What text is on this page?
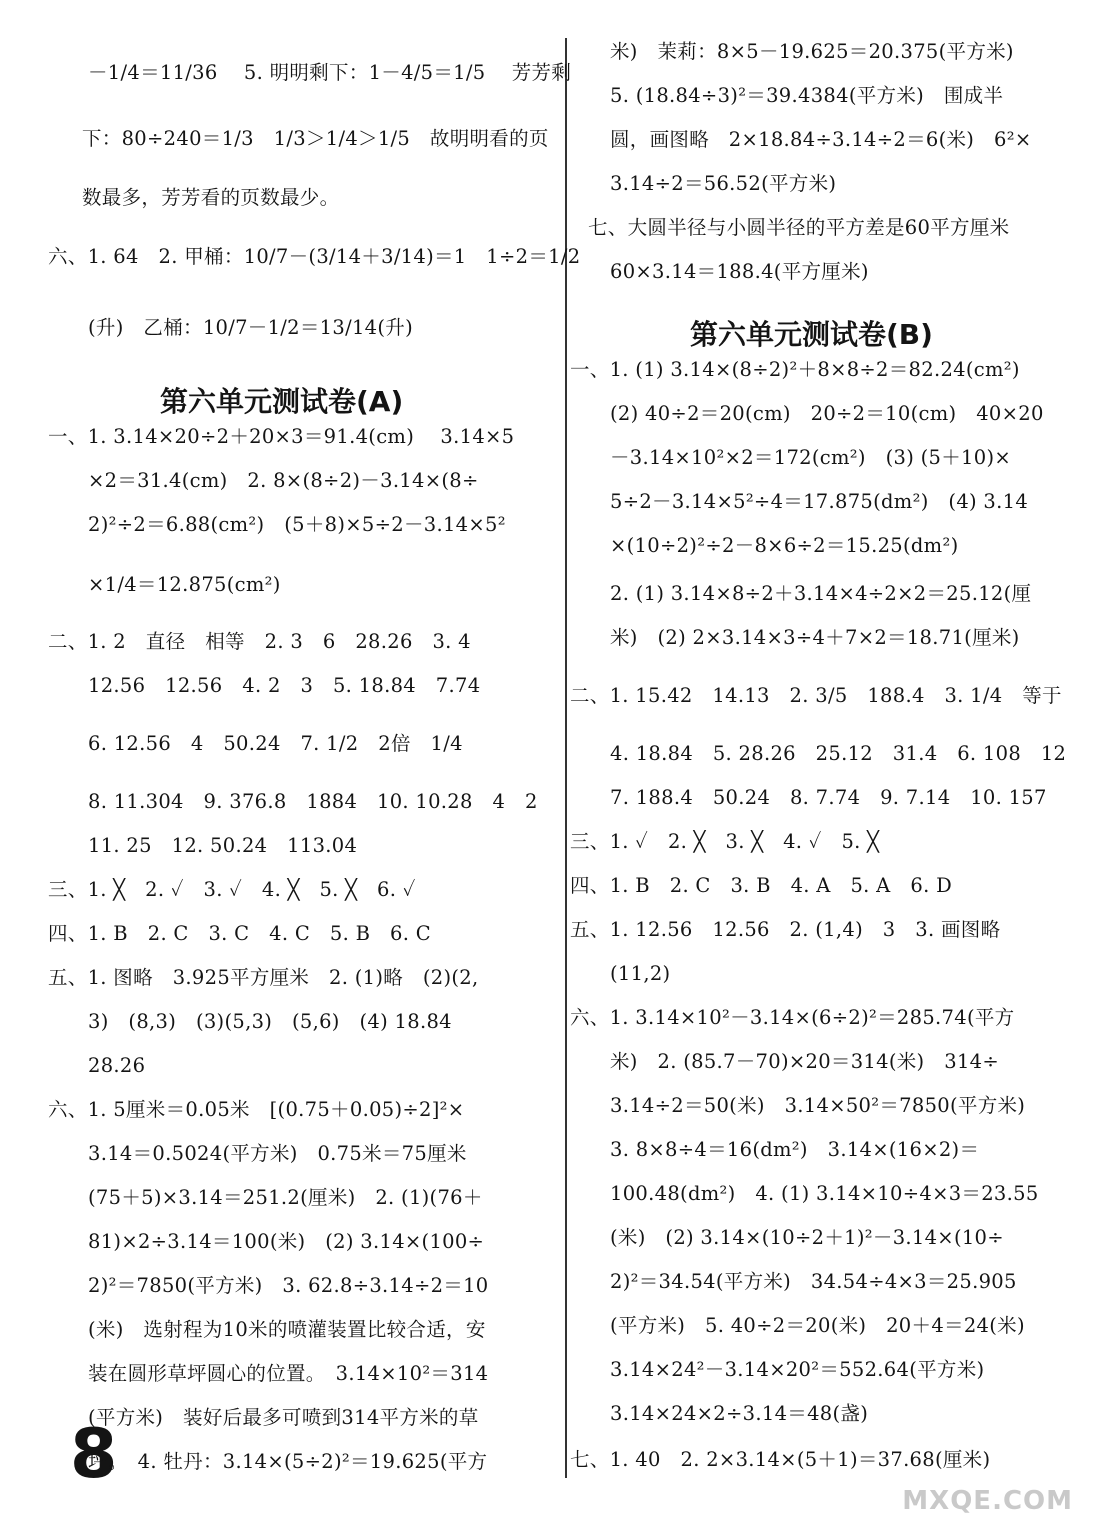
第六单元测试卷(A)
第六单元测试卷(B)
8
MXQE.COM
－1/4＝11/36　 5. 明明剩下：1－4/5＝1/5　 芳芳剩
下：80÷240＝1/3　1/3＞1/4＞1/5　故明明看的页
数最多，芳芳看的页数最少。
六、1. 64　2. 甲桶：10/7－(3/14＋3/14)＝1　1÷2＝1/2
(升)　乙桶：10/7－1/2＝13/14(升)
一、1. 3.14×20÷2＋20×3＝91.4(cm)　 3.14×5
×2＝31.4(cm)　2. 8×(8÷2)－3.14×(8÷
2)²÷2＝6.88(cm²)　(5＋8)×5÷2－3.14×5²
×1/4＝12.875(cm²)
二、1. 2　直径　相等　2. 3　6　28.26　3. 4
12.56　12.56　4. 2　3　5. 18.84　7.74
6. 12.56　4　50.24　7. 1/2　2倍　1/4
8. 11.304　9. 376.8　1884　10. 10.28　4　2
11. 25　12. 50.24　113.04
三、1. ╳　2. ✓　3. ✓　4. ╳　5. ╳　6. ✓
四、1. B　2. C　3. C　4. C　5. B　6. C
五、1. 图略　3.925平方厘米　2. (1)略　(2)(2,
3)　(8,3)　(3)(5,3)　(5,6)　(4) 18.84
28.26
六、1. 5厘米＝0.05米　[(0.75＋0.05)÷2]²×
3.14＝0.5024(平方米)　0.75米＝75厘米
(75＋5)×3.14＝251.2(厘米)　2. (1)(76＋
81)×2÷3.14＝100(米)　(2) 3.14×(100÷
2)²＝7850(平方米)　3. 62.8÷3.14÷2＝10
(米)　选射程为10米的喷灌装置比较合适，安
装在圆形草坪圆心的位置。　3.14×10²＝314
(平方米)　装好后最多可喷到314平方米的草
坪。　4. 牡丹：3.14×(5÷2)²＝19.625(平方
米)　茉莉：8×5－19.625＝20.375(平方米)
5. (18.84÷3)²＝39.4384(平方米)　围成半
圆，画图略　2×18.84÷3.14÷2＝6(米)　6²×
3.14÷2＝56.52(平方米)
七、大圆半径与小圆半径的平方差是60平方厘米
60×3.14＝188.4(平方厘米)
一、1. (1) 3.14×(8÷2)²＋8×8÷2＝82.24(cm²)
(2) 40÷2＝20(cm)　20÷2＝10(cm)　40×20
－3.14×10²×2＝172(cm²)　(3) (5＋10)×
5÷2－3.14×5²÷4＝17.875(dm²)　(4) 3.14
×(10÷2)²÷2－8×6÷2＝15.25(dm²)
2. (1) 3.14×8÷2＋3.14×4÷2×2＝25.12(厘
米)　(2) 2×3.14×3÷4＋7×2＝18.71(厘米)
二、1. 15.42　14.13　2. 3/5　188.4　3. 1/4　等于
4. 18.84　5. 28.26　25.12　31.4　6. 108　12
7. 188.4　50.24　8. 7.74　9. 7.14　10. 157
三、1. ✓　2. ╳　3. ╳　4. ✓　5. ╳
四、1. B　2. C　3. B　4. A　5. A　6. D
五、1. 12.56　12.56　2. (1,4)　3　3. 画图略
(11,2)
六、1. 3.14×10²－3.14×(6÷2)²＝285.74(平方
米)　2. (85.7－70)×20＝314(米)　314÷
3.14÷2＝50(米)　3.14×50²＝7850(平方米)
3. 8×8÷4＝16(dm²)　3.14×(16×2)＝
100.48(dm²)　4. (1) 3.14×10÷4×3＝23.55
(米)　(2) 3.14×(10÷2＋1)²－3.14×(10÷
2)²＝34.54(平方米)　34.54÷4×3＝25.905
(平方米)　5. 40÷2＝20(米)　20＋4＝24(米)
3.14×24²－3.14×20²＝552.64(平方米)
3.14×24×2÷3.14＝48(盏)
七、1. 40　2. 2×3.14×(5＋1)＝37.68(厘米)
